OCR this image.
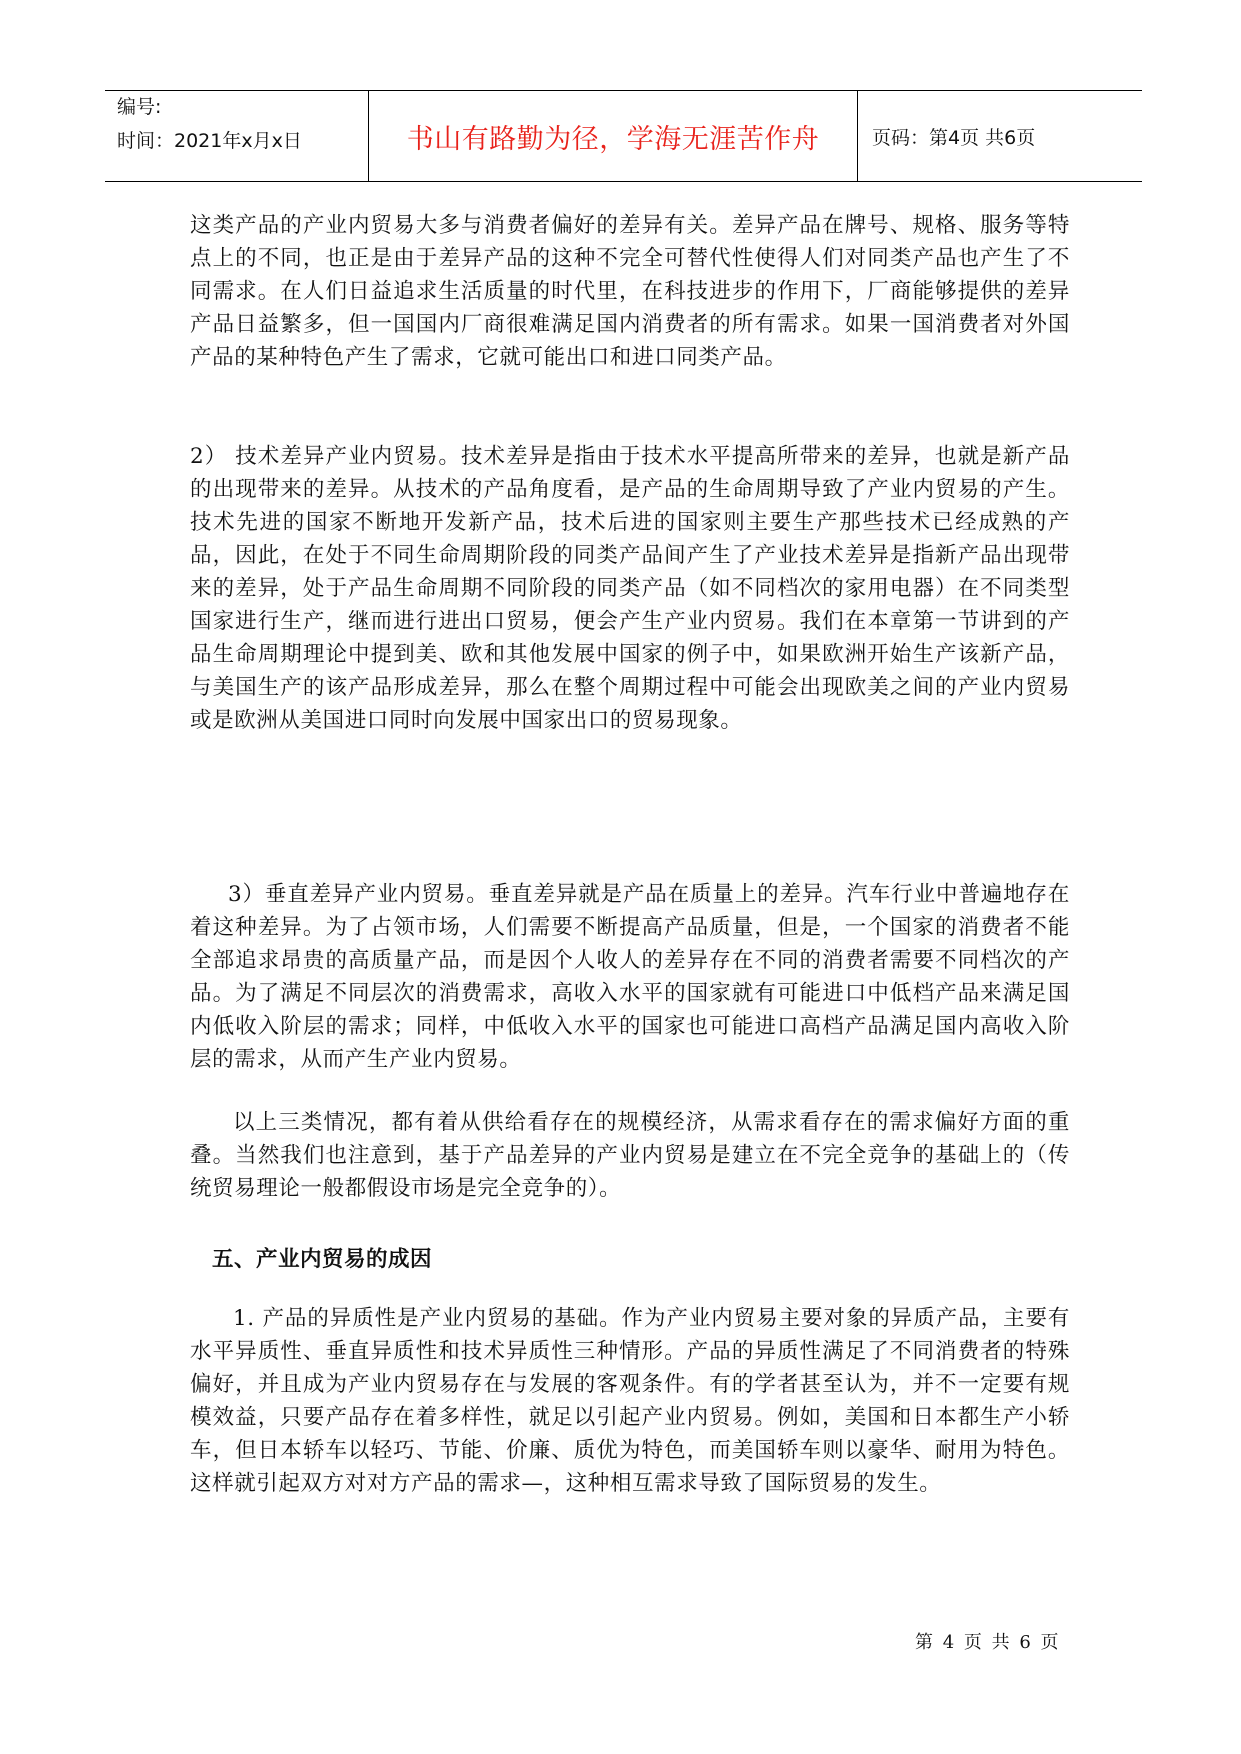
编号:
时间：2021年x月x日	书山有路勤为径，学海无涯苦作舟	页码：第4页 共6页

这类产品的产业内贸易大多与消费者偏好的差异有关。差异产品在牌号、规格、服务等特点上的不同，也正是由于差异产品的这种不完全可替代性使得人们对同类产品也产生了不同需求。在人们日益追求生活质量的时代里，在科技进步的作用下，厂商能够提供的差异产品日益繁多，但一国国内厂商很难满足国内消费者的所有需求。如果一国消费者对外国产品的某种特色产生了需求，它就可能出口和进口同类产品。

2） 技术差异产业内贸易。技术差异是指由于技术水平提高所带来的差异，也就是新产品的出现带来的差异。从技术的产品角度看，是产品的生命周期导致了产业内贸易的产生。技术先进的国家不断地开发新产品，技术后进的国家则主要生产那些技术已经成熟的产品，因此，在处于不同生命周期阶段的同类产品间产生了产业技术差异是指新产品出现带来的差异，处于产品生命周期不同阶段的同类产品（如不同档次的家用电器）在不同类型国家进行生产，继而进行进出口贸易，便会产生产业内贸易。我们在本章第一节讲到的产品生命周期理论中提到美、欧和其他发展中国家的例子中，如果欧洲开始生产该新产品，与美国生产的该产品形成差异，那么在整个周期过程中可能会出现欧美之间的产业内贸易或是欧洲从美国进口同时向发展中国家出口的贸易现象。

3）垂直差异产业内贸易。垂直差异就是产品在质量上的差异。汽车行业中普遍地存在着这种差异。为了占领市场，人们需要不断提高产品质量，但是，一个国家的消费者不能全部追求昂贵的高质量产品，而是因个人收人的差异存在不同的消费者需要不同档次的产品。为了满足不同层次的消费需求，高收入水平的国家就有可能进口中低档产品来满足国内低收入阶层的需求；同样，中低收入水平的国家也可能进口高档产品满足国内高收入阶层的需求，从而产生产业内贸易。

以上三类情况，都有着从供给看存在的规模经济，从需求看存在的需求偏好方面的重叠。当然我们也注意到，基于产品差异的产业内贸易是建立在不完全竞争的基础上的（传统贸易理论一般都假设市场是完全竞争的）。

五、产业内贸易的成因

1. 产品的异质性是产业内贸易的基础。作为产业内贸易主要对象的异质产品，主要有水平异质性、垂直异质性和技术异质性三种情形。产品的异质性满足了不同消费者的特殊偏好，并且成为产业内贸易存在与发展的客观条件。有的学者甚至认为，并不一定要有规模效益，只要产品存在着多样性，就足以引起产业内贸易。例如，美国和日本都生产小轿车，但日本轿车以轻巧、节能、价廉、质优为特色，而美国轿车则以豪华、耐用为特色。这样就引起双方对对方产品的需求—，这种相互需求导致了国际贸易的发生。

第 4 页 共 6 页
